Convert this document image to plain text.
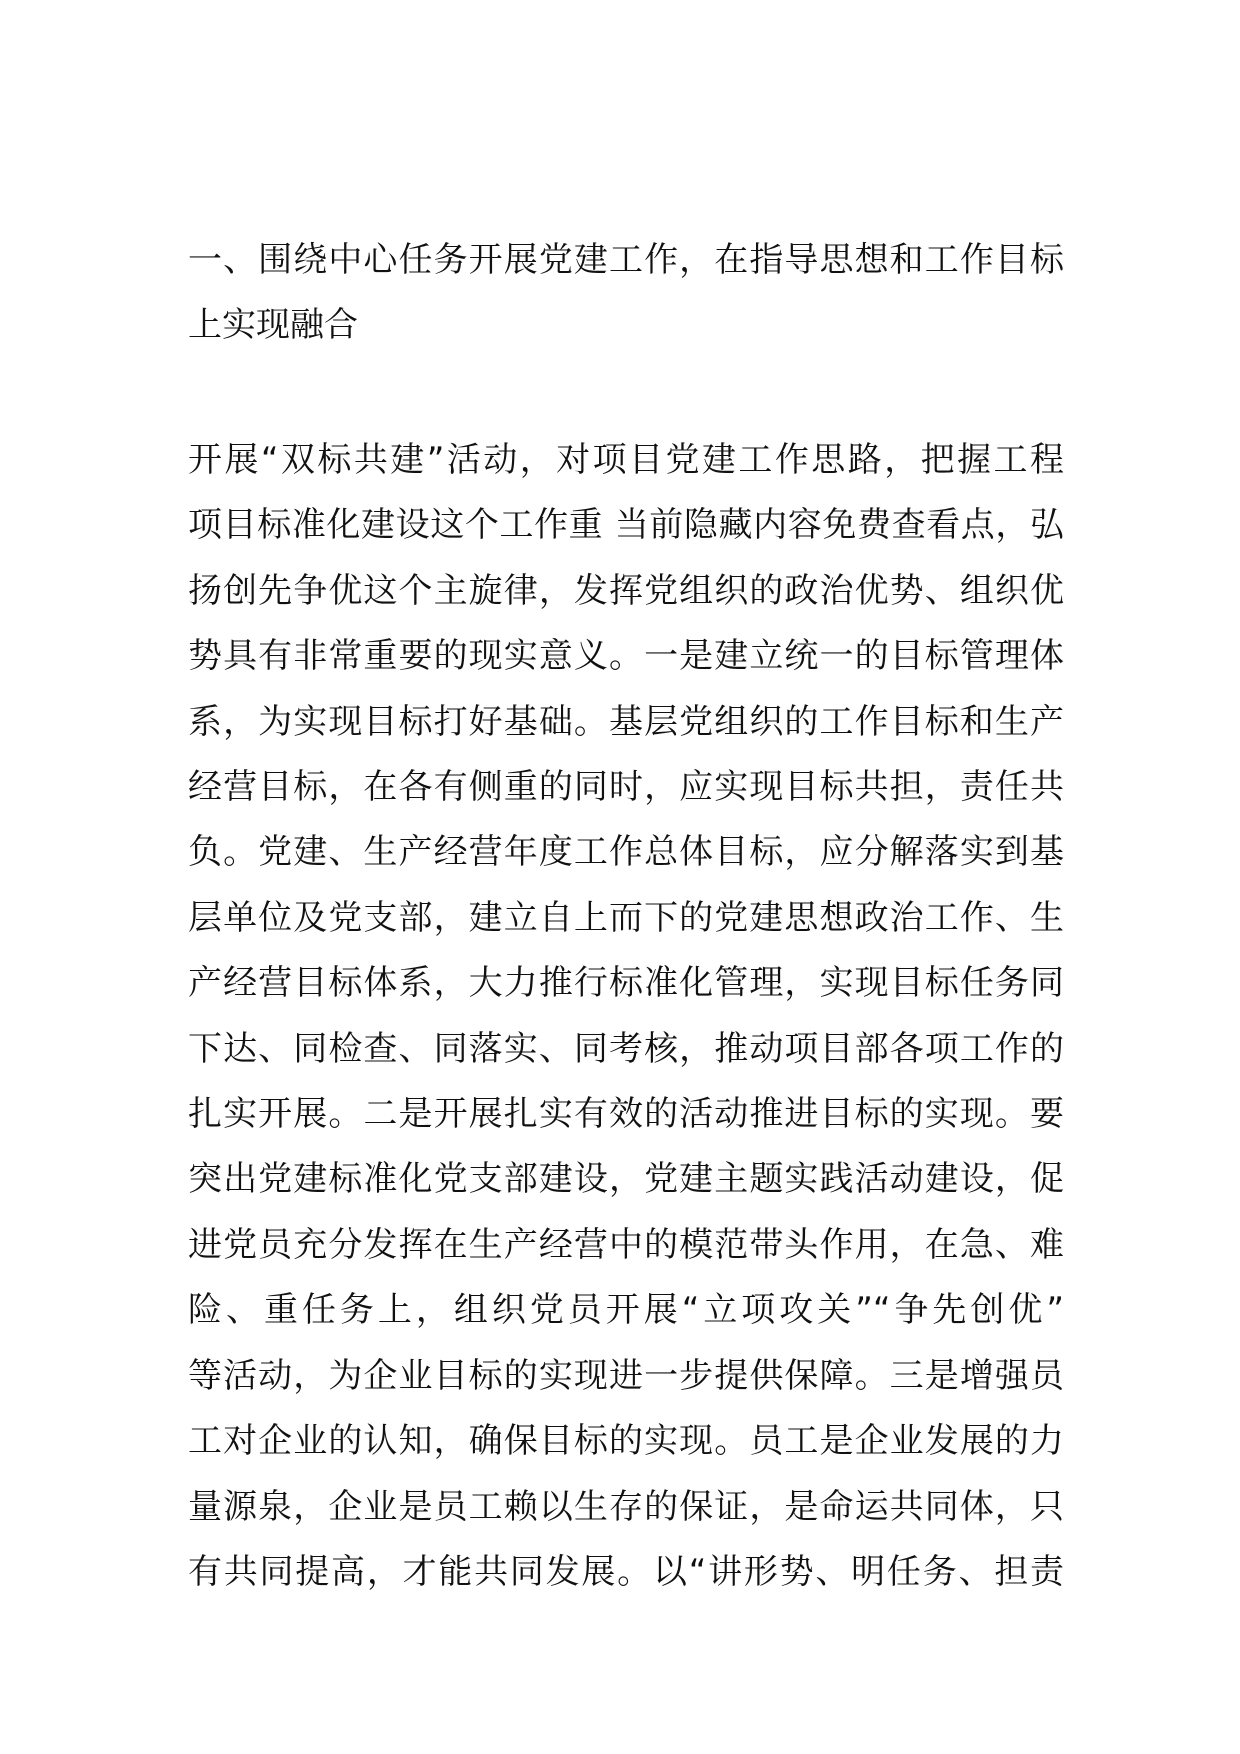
一、围绕中心任务开展党建工作，在指导思想和工作目标
上实现融合
开展“双标共建”活动，对项目党建工作思路，把握工程
项目标准化建设这个工作重 当前隐藏内容免费查看点，弘
扬创先争优这个主旋律，发挥党组织的政治优势、组织优
势具有非常重要的现实意义。一是建立统一的目标管理体
系，为实现目标打好基础。基层党组织的工作目标和生产
经营目标，在各有侧重的同时，应实现目标共担，责任共
负。党建、生产经营年度工作总体目标，应分解落实到基
层单位及党支部，建立自上而下的党建思想政治工作、生
产经营目标体系，大力推行标准化管理，实现目标任务同
下达、同检查、同落实、同考核，推动项目部各项工作的
扎实开展。二是开展扎实有效的活动推进目标的实现。要
突出党建标准化党支部建设，党建主题实践活动建设，促
进党员充分发挥在生产经营中的模范带头作用，在急、难
险、重任务上，组织党员开展“立项攻关”“争先创优”
等活动，为企业目标的实现进一步提供保障。三是增强员
工对企业的认知，确保目标的实现。员工是企业发展的力
量源泉，企业是员工赖以生存的保证，是命运共同体，只
有共同提高，才能共同发展。以“讲形势、明任务、担责
